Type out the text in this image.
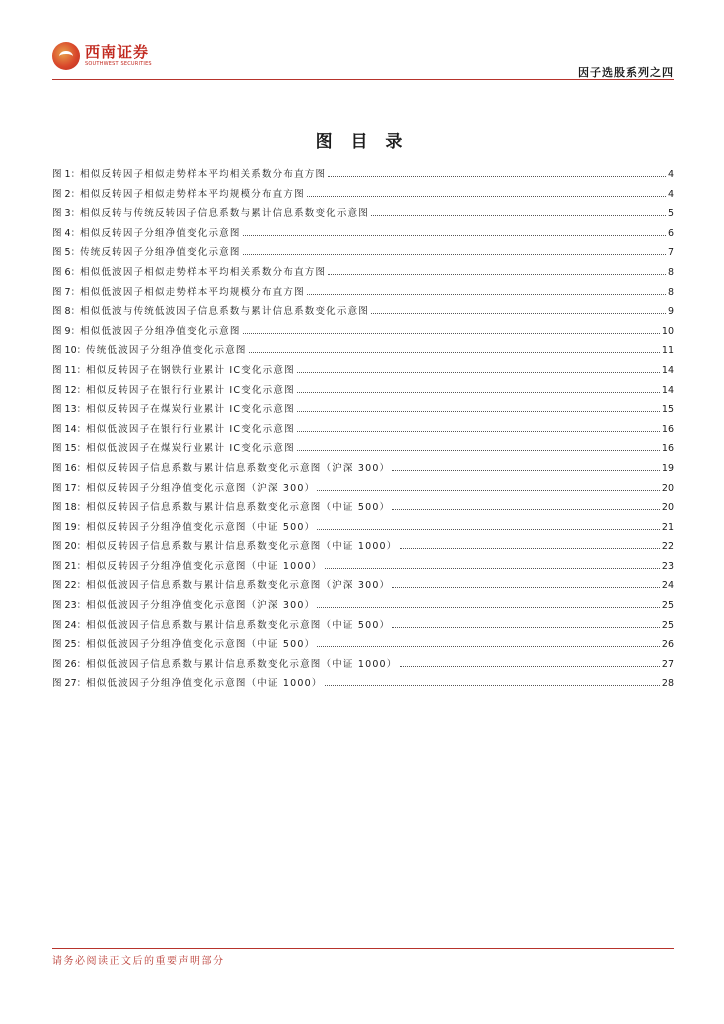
西南证券
SOUTHWEST SECURITIES
因子选股系列之四
图 目 录
图 1： 相似反转因子相似走势样本平均相关系数分布直方图	4
图 2： 相似反转因子相似走势样本平均规模分布直方图	4
图 3： 相似反转与传统反转因子信息系数与累计信息系数变化示意图	5
图 4： 相似反转因子分组净值变化示意图	6
图 5： 传统反转因子分组净值变化示意图	7
图 6： 相似低波因子相似走势样本平均相关系数分布直方图	8
图 7： 相似低波因子相似走势样本平均规模分布直方图	8
图 8： 相似低波与传统低波因子信息系数与累计信息系数变化示意图	9
图 9： 相似低波因子分组净值变化示意图	10
图 10： 传统低波因子分组净值变化示意图	11
图 11： 相似反转因子在钢铁行业累计 IC变化示意图	14
图 12： 相似反转因子在银行行业累计 IC变化示意图	14
图 13： 相似反转因子在煤炭行业累计 IC变化示意图	15
图 14： 相似低波因子在银行行业累计 IC变化示意图	16
图 15： 相似低波因子在煤炭行业累计 IC变化示意图	16
图 16： 相似反转因子信息系数与累计信息系数变化示意图（沪深 300）	19
图 17： 相似反转因子分组净值变化示意图（沪深 300）	20
图 18： 相似反转因子信息系数与累计信息系数变化示意图（中证 500）	20
图 19： 相似反转因子分组净值变化示意图（中证 500）	21
图 20： 相似反转因子信息系数与累计信息系数变化示意图（中证 1000）	22
图 21： 相似反转因子分组净值变化示意图（中证 1000）	23
图 22： 相似低波因子信息系数与累计信息系数变化示意图（沪深 300）	24
图 23： 相似低波因子分组净值变化示意图（沪深 300）	25
图 24： 相似低波因子信息系数与累计信息系数变化示意图（中证 500）	25
图 25： 相似低波因子分组净值变化示意图（中证 500）	26
图 26： 相似低波因子信息系数与累计信息系数变化示意图（中证 1000）	27
图 27： 相似低波因子分组净值变化示意图（中证 1000）	28
请务必阅读正文后的重要声明部分
